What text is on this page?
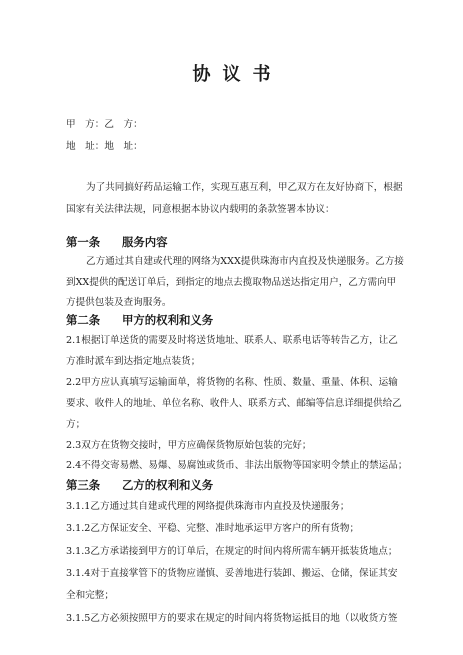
协议书
甲　方：乙　方：
地　址：地　址：
为了共同搞好药品运输工作，实现互惠互利，甲乙双方在友好协商下，根据
国家有关法律法规，同意根据本协议内载明的条款签署本协议：
第一条 服务内容
乙方通过其自建或代理的网络为XXX提供珠海市内直投及快递服务。乙方接
到XX提供的配送订单后，到指定的地点去揽取物品送达指定用户，乙方需向甲
方提供包装及查询服务。
第二条 甲方的权利和义务
2.1根据订单送货的需要及时将送货地址、联系人、联系电话等转告乙方，让乙
方准时派车到达指定地点装货；
2.2甲方应认真填写运输面单，将货物的名称、性质、数量、重量、体积、运输
要求、收件人的地址、单位名称、收件人、联系方式、邮编等信息详细提供给乙
方；
2.3双方在货物交接时，甲方应确保货物原始包装的完好；
2.4不得交寄易燃、易爆、易腐蚀或货币、非法出版物等国家明令禁止的禁运品；
第三条 乙方的权利和义务
3.1.1乙方通过其自建或代理的网络提供珠海市内直投及快递服务；
3.1.2乙方保证安全、平稳、完整、准时地承运甲方客户的所有货物；
3.1.3乙方承诺接到甲方的订单后，在规定的时间内将所需车辆开抵装货地点；
3.1.4对于直接掌管下的货物应谨慎、妥善地进行装卸、搬运、仓储，保证其安
全和完整；
3.1.5乙方必须按照甲方的要求在规定的时间内将货物运抵目的地（以收货方签
